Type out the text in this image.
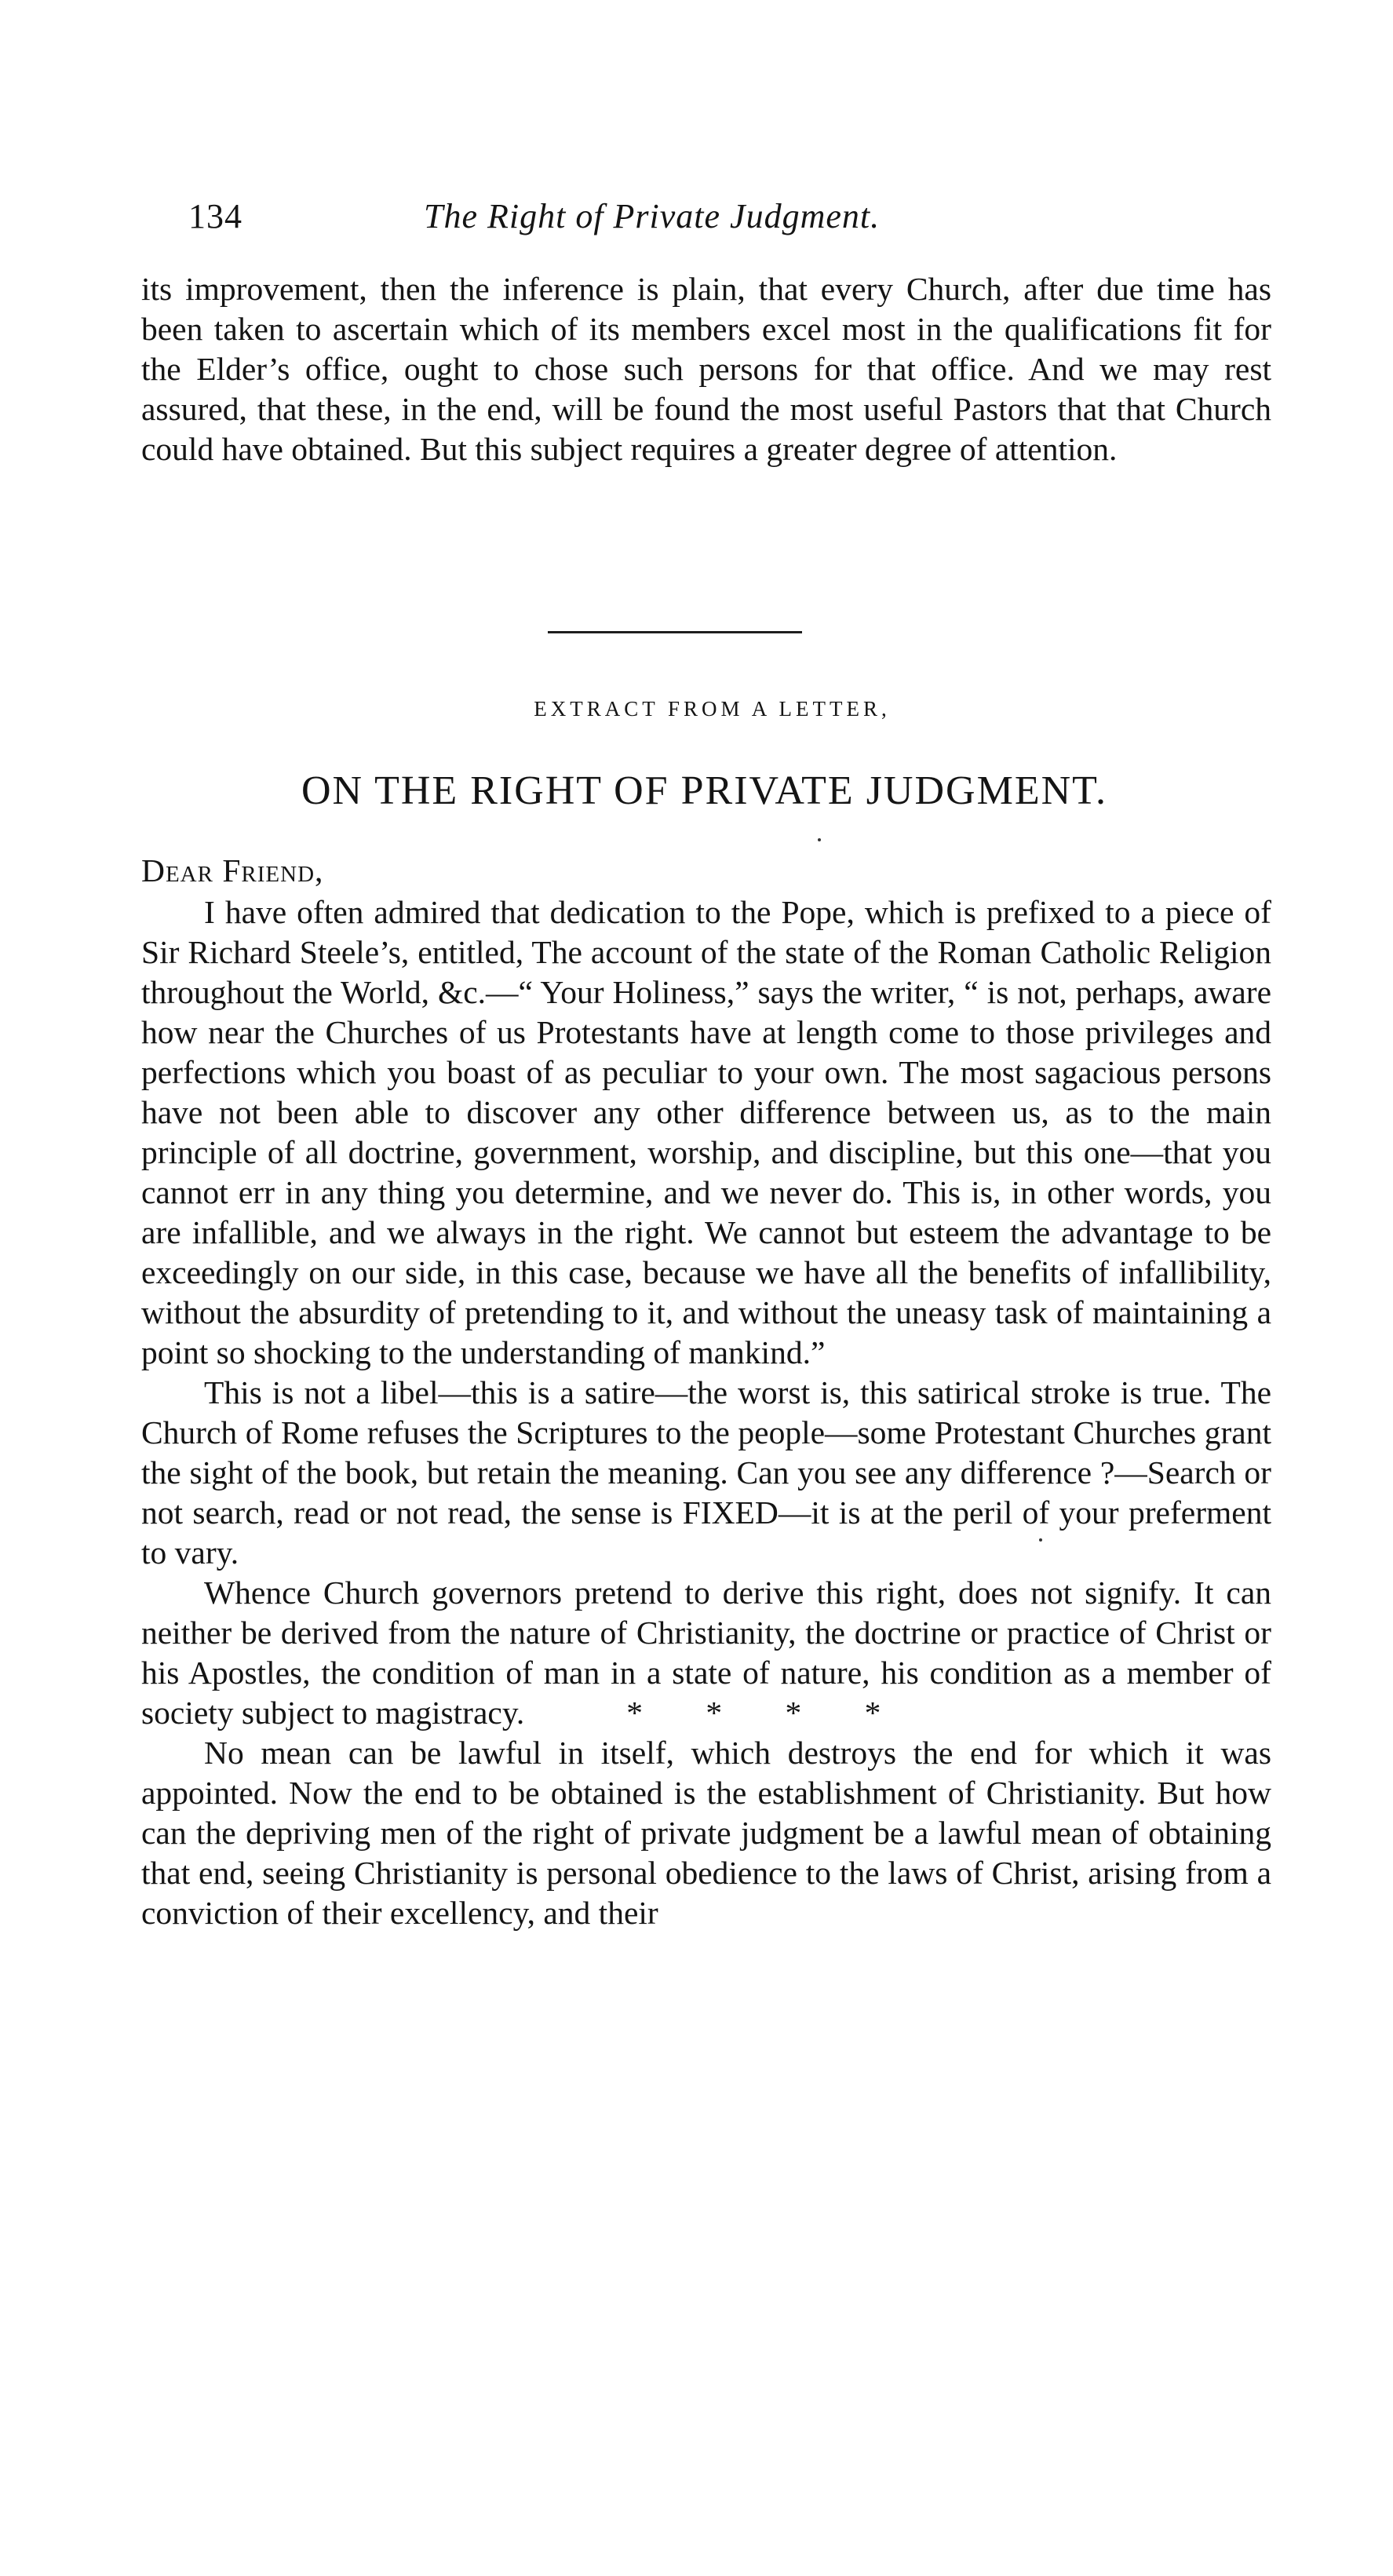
134	The Right of Private Judgment.

its improvement, then the inference is plain, that every Church, after due time has been taken to ascertain which of its members excel most in the qualifications fit for the Elder’s office, ought to chose such persons for that office. And we may rest assured, that these, in the end, will be found the most useful Pastors that that Church could have obtained. But this subject requires a greater degree of attention.

EXTRACT FROM A LETTER,
ON THE RIGHT OF PRIVATE JUDGMENT.
Dear Friend,

I have often admired that dedication to the Pope, which is prefixed to a piece of Sir Richard Steele’s, entitled, The account of the state of the Roman Catholic Religion throughout the World, &c.—“ Your Holiness,” says the writer, “ is not, perhaps, aware how near the Churches of us Protestants have at length come to those privileges and perfections which you boast of as peculiar to your own. The most sagacious persons have not been able to discover any other difference between us, as to the main principle of all doctrine, government, worship, and discipline, but this one—that you cannot err in any thing you determine, and we never do. This is, in other words, you are infallible, and we always in the right. We cannot but esteem the advantage to be exceedingly on our side, in this case, because we have all the benefits of infallibility, without the absurdity of pretending to it, and without the uneasy task of maintaining a point so shocking to the understanding of mankind.”

This is not a libel—this is a satire—the worst is, this satirical stroke is true. The Church of Rome refuses the Scriptures to the people—some Protestant Churches grant the sight of the book, but retain the meaning. Can you see any difference ?—Search or not search, read or not read, the sense is FIXED—it is at the peril of your preferment to vary.

Whence Church governors pretend to derive this right, does not signify. It can neither be derived from the nature of Christianity, the doctrine or practice of Christ or his Apostles, the condition of man in a state of nature, his condition as a member of society subject to magistracy.	* * * *

No mean can be lawful in itself, which destroys the end for which it was appointed. Now the end to be obtained is the establishment of Christianity. But how can the depriving men of the right of private judgment be a lawful mean of obtaining that end, seeing Christianity is personal obedience to the laws of Christ, arising from a conviction of their excellency, and their
